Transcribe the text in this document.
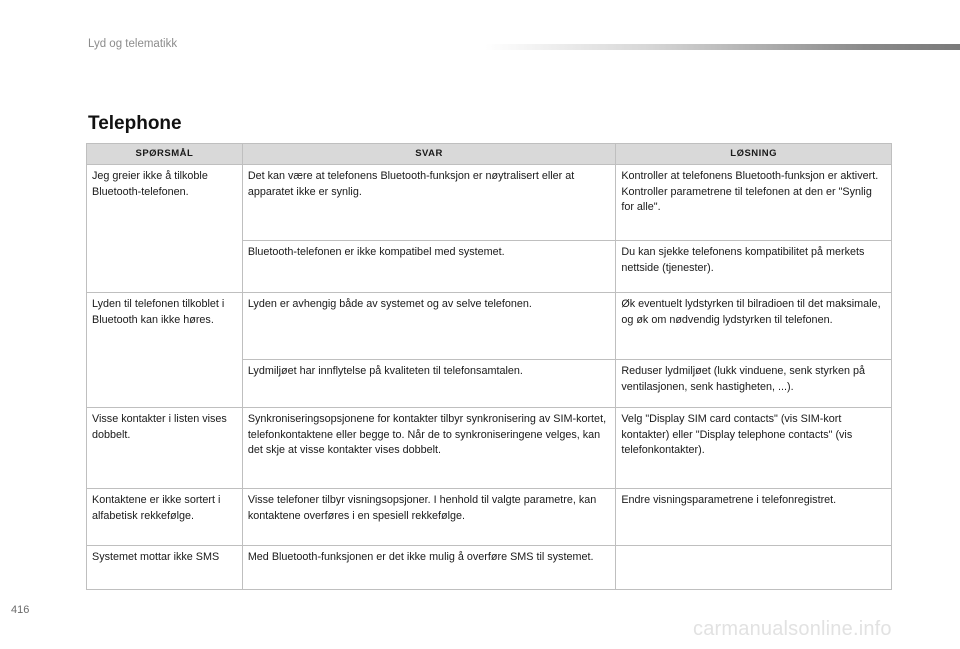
Lyd og telematikk
Telephone
SPØRSMÅL	SVAR	LØSNING
Jeg greier ikke å tilkoble Bluetooth-telefonen.	Det kan være at telefonens Bluetooth-funksjon er nøytralisert eller at apparatet ikke er synlig.	Kontroller at telefonens Bluetooth-funksjon er aktivert.
Kontroller parametrene til telefonen at den er "Synlig for alle".
	Bluetooth-telefonen er ikke kompatibel med systemet.	Du kan sjekke telefonens kompatibilitet på merkets nettside (tjenester).
Lyden til telefonen tilkoblet i Bluetooth kan ikke høres.	Lyden er avhengig både av systemet og av selve telefonen.	Øk eventuelt lydstyrken til bilradioen til det maksimale, og øk om nødvendig lydstyrken til telefonen.
	Lydmiljøet har innflytelse på kvaliteten til telefonsamtalen.	Reduser lydmiljøet (lukk vinduene, senk styrken på ventilasjonen, senk hastigheten, ...).
Visse kontakter i listen vises dobbelt.	Synkroniseringsopsjonene for kontakter tilbyr synkronisering av SIM-kortet, telefonkontaktene eller begge to. Når de to synkroniseringene velges, kan det skje at visse kontakter vises dobbelt.	Velg "Display SIM card contacts" (vis SIM-kort kontakter) eller "Display telephone contacts" (vis telefonkontakter).
Kontaktene er ikke sortert i alfabetisk rekkefølge.	Visse telefoner tilbyr visningsopsjoner. I henhold til valgte parametre, kan kontaktene overføres i en spesiell rekkefølge.	Endre visningsparametrene i telefonregistret.
Systemet mottar ikke SMS	Med Bluetooth-funksjonen er det ikke mulig å overføre SMS til systemet.	
416
carmanualsonline.info
